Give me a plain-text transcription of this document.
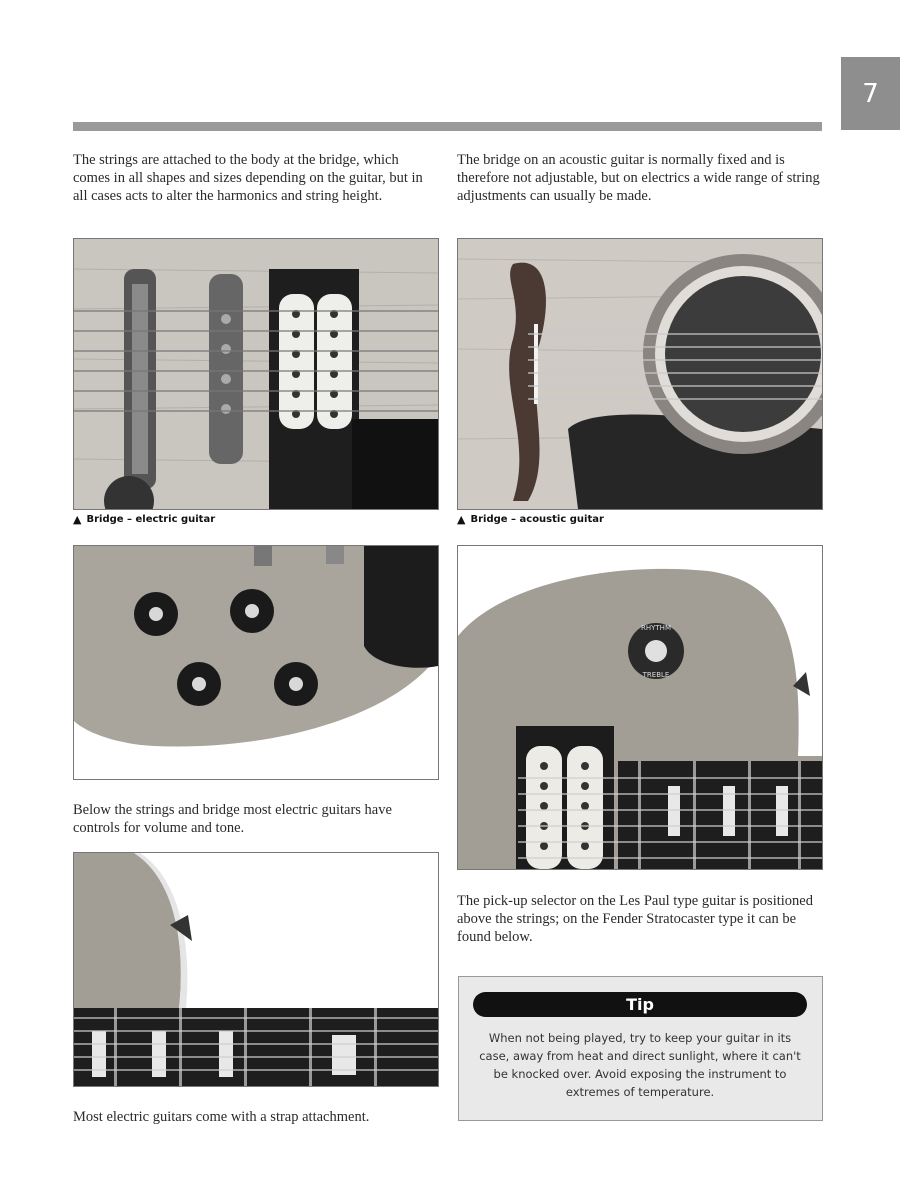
7

The strings are attached to the body at the bridge, which comes in all shapes and sizes depending on the guitar, but in all cases acts to alter the harmonics and string height.

The bridge on an acoustic guitar is normally fixed and is therefore not adjustable, but on electrics a wide range of string adjustments can usually be made.

▲ Bridge – electric guitar	▲ Bridge – acoustic guitar

Below the strings and bridge most electric guitars have controls for volume and tone.

RHYTHM
TREBLE

The pick-up selector on the Les Paul type guitar is positioned above the strings; on the Fender Stratocaster type it can be found below.

Most electric guitars come with a strap attachment.

Tip

When not being played, try to keep your guitar in its case, away from heat and direct sunlight, where it can't be knocked over. Avoid exposing the instrument to extremes of temperature.
